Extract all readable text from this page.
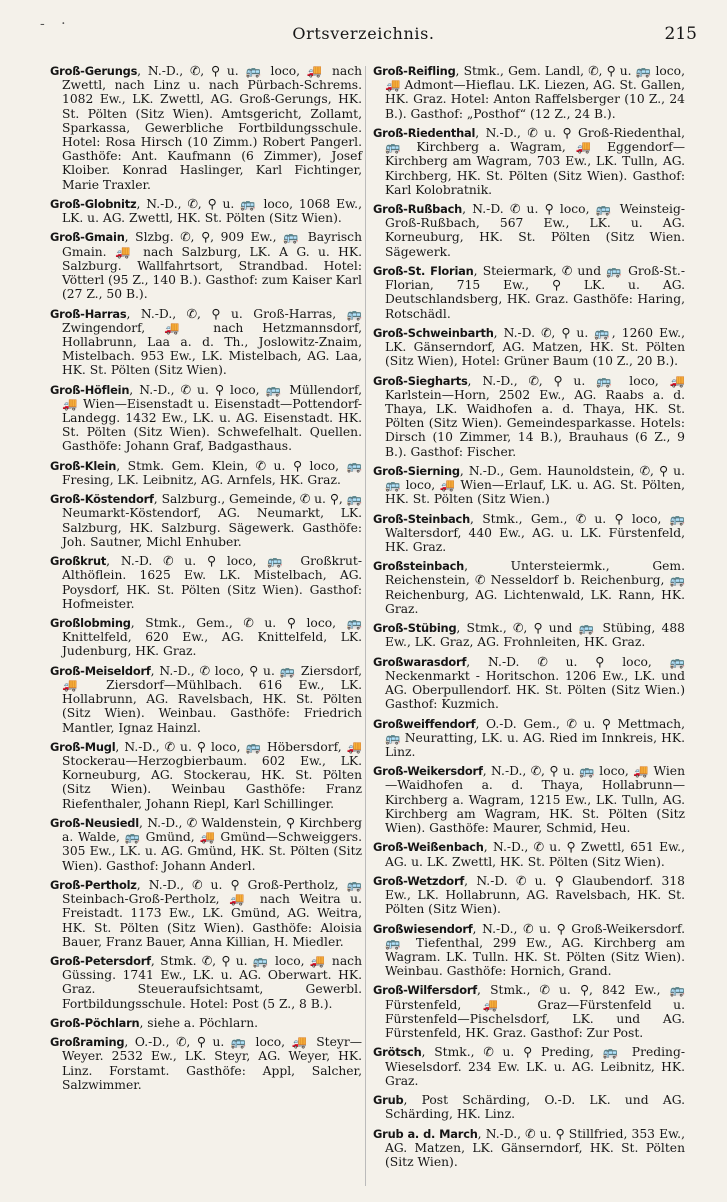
- ·	Ortsverzeichnis.	215

Groß-Gerungs, N.-D., ✆, ⚲ u. 🚌 loco, 🚚 nach Zwettl, nach Linz u. nach Pürbach-Schrems. 1082 Ew., LK. Zwettl, AG. Groß-Gerungs, HK. St. Pölten (Sitz Wien). Amtsgericht, Zollamt, Sparkassa, Gewerbliche Fortbildungsschule. Hotel: Rosa Hirsch (10 Zimm.) Robert Pangerl. Gasthöfe: Ant. Kaufmann (6 Zimmer), Josef Kloiber. Konrad Haslinger, Karl Fichtinger, Marie Traxler.

Groß-Globnitz, N.-D., ✆, ⚲ u. 🚌 loco, 1068 Ew., LK. u. AG. Zwettl, HK. St. Pölten (Sitz Wien).

Groß-Gmain, Slzbg. ✆, ⚲, 909 Ew., 🚌 Bayrisch Gmain. 🚚 nach Salzburg, LK. A G. u. HK. Salzburg. Wallfahrtsort, Strandbad. Hotel: Vötterl (95 Z., 140 B.). Gasthof: zum Kaiser Karl (27 Z., 50 B.).

Groß-Harras, N.-D., ✆, ⚲ u. Groß-Harras, 🚌 Zwingendorf, 🚚 nach Hetzmannsdorf, Hollabrunn, Laa a. d. Th., Joslowitz-Znaim, Mistelbach. 953 Ew., LK. Mistelbach, AG. Laa, HK. St. Pölten (Sitz Wien).

Groß-Höflein, N.-D., ✆ u. ⚲ loco, 🚌 Müllendorf, 🚚 Wien—Eisenstadt u. Eisenstadt—Pottendorf-Landegg. 1432 Ew., LK. u. AG. Eisenstadt. HK. St. Pölten (Sitz Wien). Schwefelhalt. Quellen. Gasthöfe: Johann Graf, Badgasthaus.

Groß-Klein, Stmk. Gem. Klein, ✆ u. ⚲ loco, 🚌 Fresing, LK. Leibnitz, AG. Arnfels, HK. Graz.

Groß-Köstendorf, Salzburg., Gemeinde, ✆ u. ⚲, 🚌 Neumarkt-Köstendorf, AG. Neumarkt, LK. Salzburg, HK. Salzburg. Sägewerk. Gasthöfe: Joh. Sautner, Michl Enhuber.

Großkrut, N.-D. ✆ u. ⚲ loco, 🚌 Großkrut-Althöflein. 1625 Ew. LK. Mistelbach, AG. Poysdorf, HK. St. Pölten (Sitz Wien). Gasthof: Hofmeister.

Großlobming, Stmk., Gem., ✆ u. ⚲ loco, 🚌 Knittelfeld, 620 Ew., AG. Knittelfeld, LK. Judenburg, HK. Graz.

Groß-Meiseldorf, N.-D., ✆ loco, ⚲ u. 🚌 Ziersdorf, 🚚 Ziersdorf—Mühlbach. 616 Ew., LK. Hollabrunn, AG. Ravelsbach, HK. St. Pölten (Sitz Wien). Weinbau. Gasthöfe: Friedrich Mantler, Ignaz Hainzl.

Groß-Mugl, N.-D., ✆ u. ⚲ loco, 🚌 Höbersdorf, 🚚 Stockerau—Herzogbierbaum. 602 Ew., LK. Korneuburg, AG. Stockerau, HK. St. Pölten (Sitz Wien). Weinbau Gasthöfe: Franz Riefenthaler, Johann Riepl, Karl Schillinger.

Groß-Neusiedl, N.-D., ✆ Waldenstein, ⚲ Kirchberg a. Walde, 🚌 Gmünd, 🚚 Gmünd—Schweiggers. 305 Ew., LK. u. AG. Gmünd, HK. St. Pölten (Sitz Wien). Gasthof: Johann Anderl.

Groß-Pertholz, N.-D., ✆ u. ⚲ Groß-Pertholz, 🚌 Steinbach-Groß-Pertholz, 🚚 nach Weitra u. Freistadt. 1173 Ew., LK. Gmünd, AG. Weitra, HK. St. Pölten (Sitz Wien). Gasthöfe: Aloisia Bauer, Franz Bauer, Anna Killian, H. Miedler.

Groß-Petersdorf, Stmk. ✆, ⚲ u. 🚌 loco, 🚚 nach Güssing. 1741 Ew., LK. u. AG. Oberwart. HK. Graz. Steueraufsichtsamt, Gewerbl. Fortbildungsschule. Hotel: Post (5 Z., 8 B.).

Groß-Pöchlarn, siehe a. Pöchlarn.

Großraming, O.-D., ✆, ⚲ u. 🚌 loco, 🚚 Steyr—Weyer. 2532 Ew., LK. Steyr, AG. Weyer, HK. Linz. Forstamt. Gasthöfe: Appl, Salcher, Salzwimmer.

Groß-Reifling, Stmk., Gem. Landl, ✆, ⚲ u. 🚌 loco, 🚚 Admont—Hieflau. LK. Liezen, AG. St. Gallen, HK. Graz. Hotel: Anton Raffelsberger (10 Z., 24 B.). Gasthof: „Posthof“ (12 Z., 24 B.).

Groß-Riedenthal, N.-D., ✆ u. ⚲ Groß-Riedenthal, 🚌 Kirchberg a. Wagram, 🚚 Eggendorf—Kirchberg am Wagram, 703 Ew., LK. Tulln, AG. Kirchberg, HK. St. Pölten (Sitz Wien). Gasthof: Karl Kolobratnik.

Groß-Rußbach, N.-D. ✆ u. ⚲ loco, 🚌 Weinsteig-Groß-Rußbach, 567 Ew., LK. u. AG. Korneuburg, HK. St. Pölten (Sitz Wien. Sägewerk.

Groß-St. Florian, Steiermark, ✆ und 🚌 Groß-St.-Florian, 715 Ew., ⚲ LK. u. AG. Deutschlandsberg, HK. Graz. Gasthöfe: Haring, Rotschädl.

Groß-Schweinbarth, N.-D. ✆, ⚲ u. 🚌, 1260 Ew., LK. Gänserndorf, AG. Matzen, HK. St. Pölten (Sitz Wien), Hotel: Grüner Baum (10 Z., 20 B.).

Groß-Siegharts, N.-D., ✆, ⚲ u. 🚌 loco, 🚚 Karlstein—Horn, 2502 Ew., AG. Raabs a. d. Thaya, LK. Waidhofen a. d. Thaya, HK. St. Pölten (Sitz Wien). Gemeindesparkasse. Hotels: Dirsch (10 Zimmer, 14 B.), Brauhaus (6 Z., 9 B.). Gasthof: Fischer.

Groß-Sierning, N.-D., Gem. Haunoldstein, ✆, ⚲ u. 🚌 loco, 🚚 Wien—Erlauf, LK. u. AG. St. Pölten, HK. St. Pölten (Sitz Wien.)

Groß-Steinbach, Stmk., Gem., ✆ u. ⚲ loco, 🚌 Waltersdorf, 440 Ew., AG. u. LK. Fürstenfeld, HK. Graz.

Großsteinbach, Untersteiermk., Gem. Reichenstein, ✆ Nesseldorf b. Reichenburg, 🚌 Reichenburg, AG. Lichtenwald, LK. Rann, HK. Graz.

Groß-Stübing, Stmk., ✆, ⚲ und 🚌 Stübing, 488 Ew., LK. Graz, AG. Frohnleiten, HK. Graz.

Großwarasdorf, N.-D. ✆ u. ⚲ loco, 🚌 Neckenmarkt - Horitschon. 1206 Ew., LK. und AG. Oberpullendorf. HK. St. Pölten (Sitz Wien.) Gasthof: Kuzmich.

Großweiffendorf, O.-D. Gem., ✆ u. ⚲ Mettmach, 🚌 Neuratting, LK. u. AG. Ried im Innkreis, HK. Linz.

Groß-Weikersdorf, N.-D., ✆, ⚲ u. 🚌 loco, 🚚 Wien—Waidhofen a. d. Thaya, Hollabrunn—Kirchberg a. Wagram, 1215 Ew., LK. Tulln, AG. Kirchberg am Wagram, HK. St. Pölten (Sitz Wien). Gasthöfe: Maurer, Schmid, Heu.

Groß-Weißenbach, N.-D., ✆ u. ⚲ Zwettl, 651 Ew., AG. u. LK. Zwettl, HK. St. Pölten (Sitz Wien).

Groß-Wetzdorf, N.-D. ✆ u. ⚲ Glaubendorf. 318 Ew., LK. Hollabrunn, AG. Ravelsbach, HK. St. Pölten (Sitz Wien).

Großwiesendorf, N.-D., ✆ u. ⚲ Groß-Weikersdorf. 🚌 Tiefenthal, 299 Ew., AG. Kirchberg am Wagram. LK. Tulln. HK. St. Pölten (Sitz Wien). Weinbau. Gasthöfe: Hornich, Grand.

Groß-Wilfersdorf, Stmk., ✆ u. ⚲, 842 Ew., 🚌 Fürstenfeld, 🚚 Graz—Fürstenfeld u. Fürstenfeld—Pischelsdorf, LK. und AG. Fürstenfeld, HK. Graz. Gasthof: Zur Post.

Grötsch, Stmk., ✆ u. ⚲ Preding, 🚌 Preding-Wieselsdorf. 234 Ew. LK. u. AG. Leibnitz, HK. Graz.

Grub, Post Schärding, O.-D. LK. und AG. Schärding, HK. Linz.

Grub a. d. March, N.-D., ✆ u. ⚲ Stillfried, 353 Ew., AG. Matzen, LK. Gänserndorf, HK. St. Pölten (Sitz Wien).
